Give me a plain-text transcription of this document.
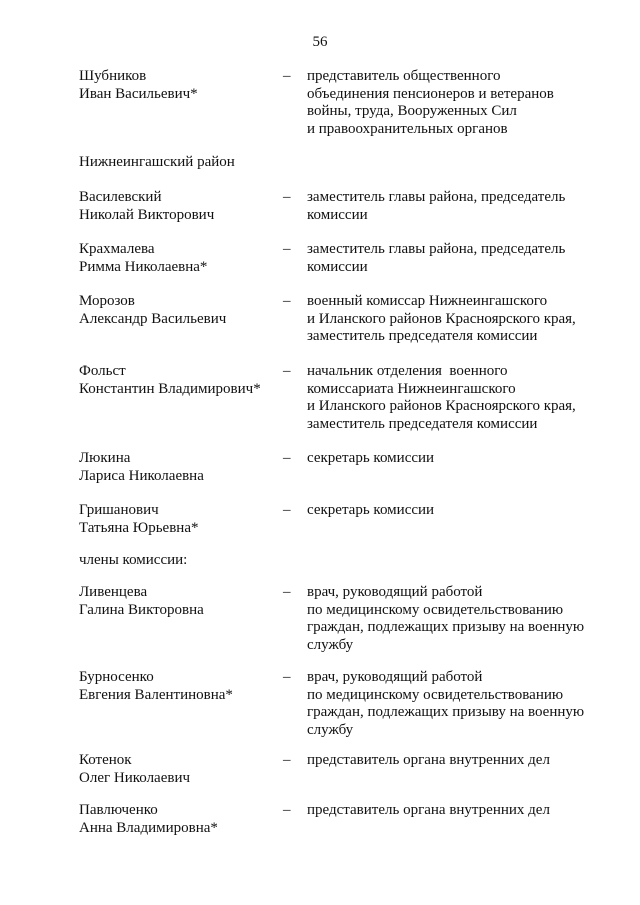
56
Шубников
Иван Васильевич*
– представитель общественного
объединения пенсионеров и ветеранов
войны, труда, Вооруженных Сил
и правоохранительных органов
Нижнеингашский район
Василевский
Николай Викторович
– заместитель главы района, председатель
комиссии
Крахмалева
Римма Николаевна*
– заместитель главы района, председатель
комиссии
Морозов
Александр Васильевич
– военный комиссар Нижнеингашского
и Иланского районов Красноярского края,
заместитель председателя комиссии
Фольст
Константин Владимирович*
– начальник отделения  военного
комиссариата Нижнеингашского
и Иланского районов Красноярского края,
заместитель председателя комиссии
Люкина
Лариса Николаевна
– секретарь комиссии
Гришанович
Татьяна Юрьевна*
– секретарь комиссии
члены комиссии:
Ливенцева
Галина Викторовна
– врач, руководящий работой
по медицинскому освидетельствованию
граждан, подлежащих призыву на военную
службу
Бурносенко
Евгения Валентиновна*
– врач, руководящий работой
по медицинскому освидетельствованию
граждан, подлежащих призыву на военную
службу
Котенок
Олег Николаевич
– представитель органа внутренних дел
Павлюченко
Анна Владимировна*
– представитель органа внутренних дел
